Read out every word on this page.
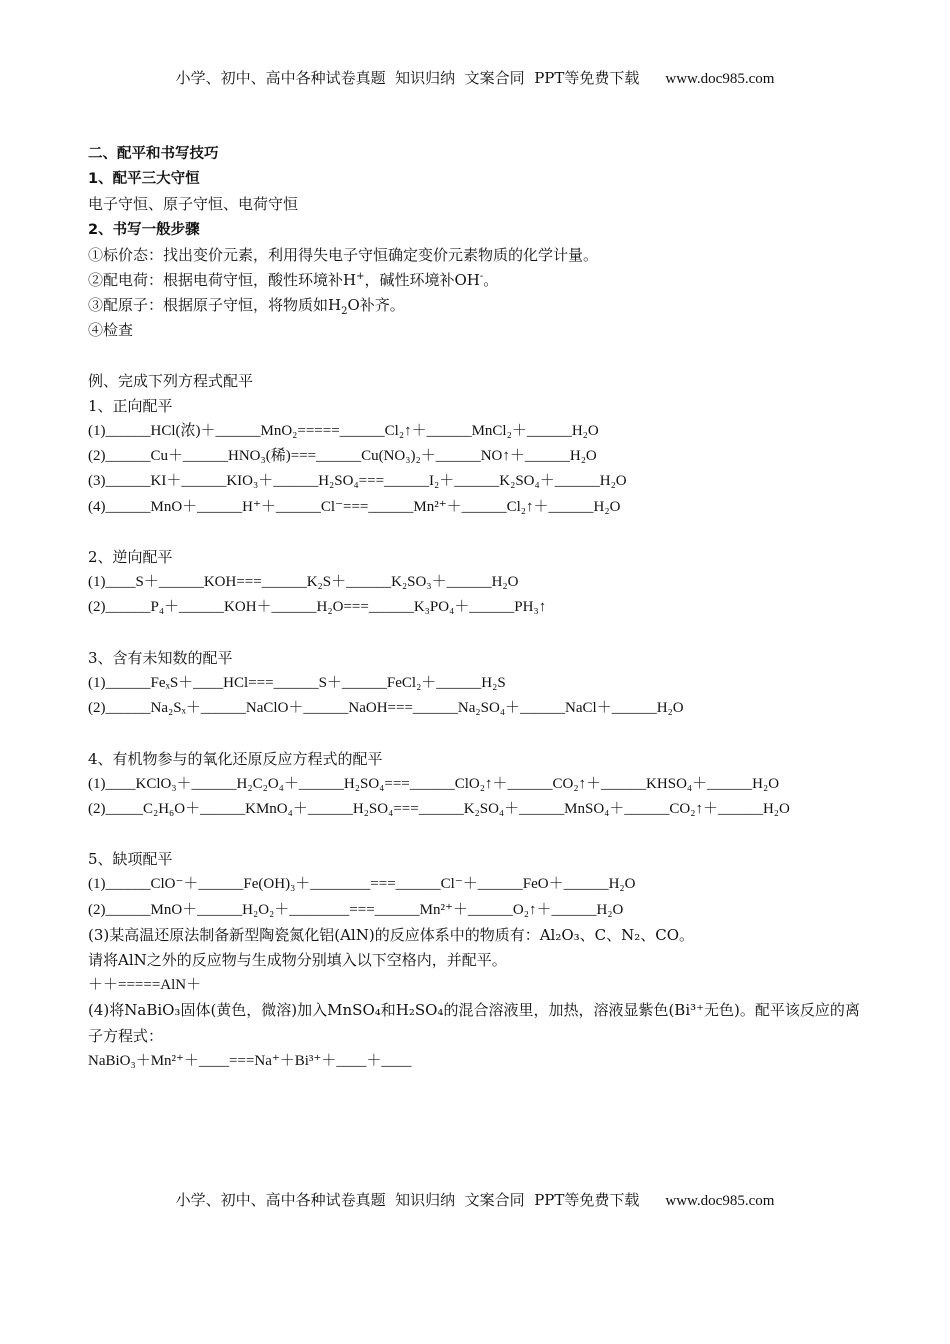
小学、初中、高中各种试卷真题  知识归纳  文案合同  PPT等免费下载 www.doc985.com
二、配平和书写技巧
1、配平三大守恒
电子守恒、原子守恒、电荷守恒
2、书写一般步骤
①标价态：找出变价元素，利用得失电子守恒确定变价元素物质的化学计量。
②配电荷：根据电荷守恒，酸性环境补H+，碱性环境补OH-。
③配原子：根据原子守恒，将物质如$H_2O$补齐。
④检查
例、完成下列方程式配平
1、正向配平
(1)______HCl(浓)＋______MnO₂=====______Cl₂↑＋______MnCl₂＋______H₂O
(2)______Cu＋______HNO₃(稀)===______Cu(NO₃)₂＋______NO↑＋______H₂O
(3)______KI＋______KIO₃＋______H₂SO₄===______I₂＋______K₂SO₄＋______H₂O
(4)______MnO＋______H⁺＋______Cl⁻===______Mn²⁺＋______Cl₂↑＋______H₂O
2、逆向配平
(1)____S＋______KOH===______K₂S＋______K₂SO₃＋______H₂O
(2)______P₄＋______KOH＋______H₂O===______K₃PO₄＋______PH₃↑
3、含有未知数的配平
(1)______FeₓS＋____HCl===______S＋______FeCl₂＋______H₂S
(2)______Na₂Sₓ＋______NaClO＋______NaOH===______Na₂SO₄＋______NaCl＋______H₂O
4、有机物参与的氧化还原反应方程式的配平
(1)____KClO₃＋______H₂C₂O₄＋______H₂SO₄===______ClO₂↑＋______CO₂↑＋______KHSO₄＋______H₂O
(2)_____C₂H₆O＋______KMnO₄＋______H₂SO₄===______K₂SO₄＋______MnSO₄＋______CO₂↑＋______H₂O
5、缺项配平
(1)______ClO⁻＋______Fe(OH)₃＋________===______Cl⁻＋______FeO＋______H₂O
(2)______MnO＋______H₂O₂＋________===______Mn²⁺＋______O₂↑＋______H₂O
(3)某高温还原法制备新型陶瓷氮化铝(AlN)的反应体系中的物质有：Al₂O₃、C、N₂、CO。
请将AlN之外的反应物与生成物分别填入以下空格内，并配平。
＋＋=====AlN＋
(4)将NaBiO₃固体(黄色，微溶)加入MnSO₄和H₂SO₄的混合溶液里，加热，溶液显紫色(Bi³⁺无色)。配平该反应的离子方程式：
NaBiO₃＋Mn²⁺＋____===Na⁺＋Bi³⁺＋____＋____
小学、初中、高中各种试卷真题  知识归纳  文案合同  PPT等免费下载 www.doc985.com
